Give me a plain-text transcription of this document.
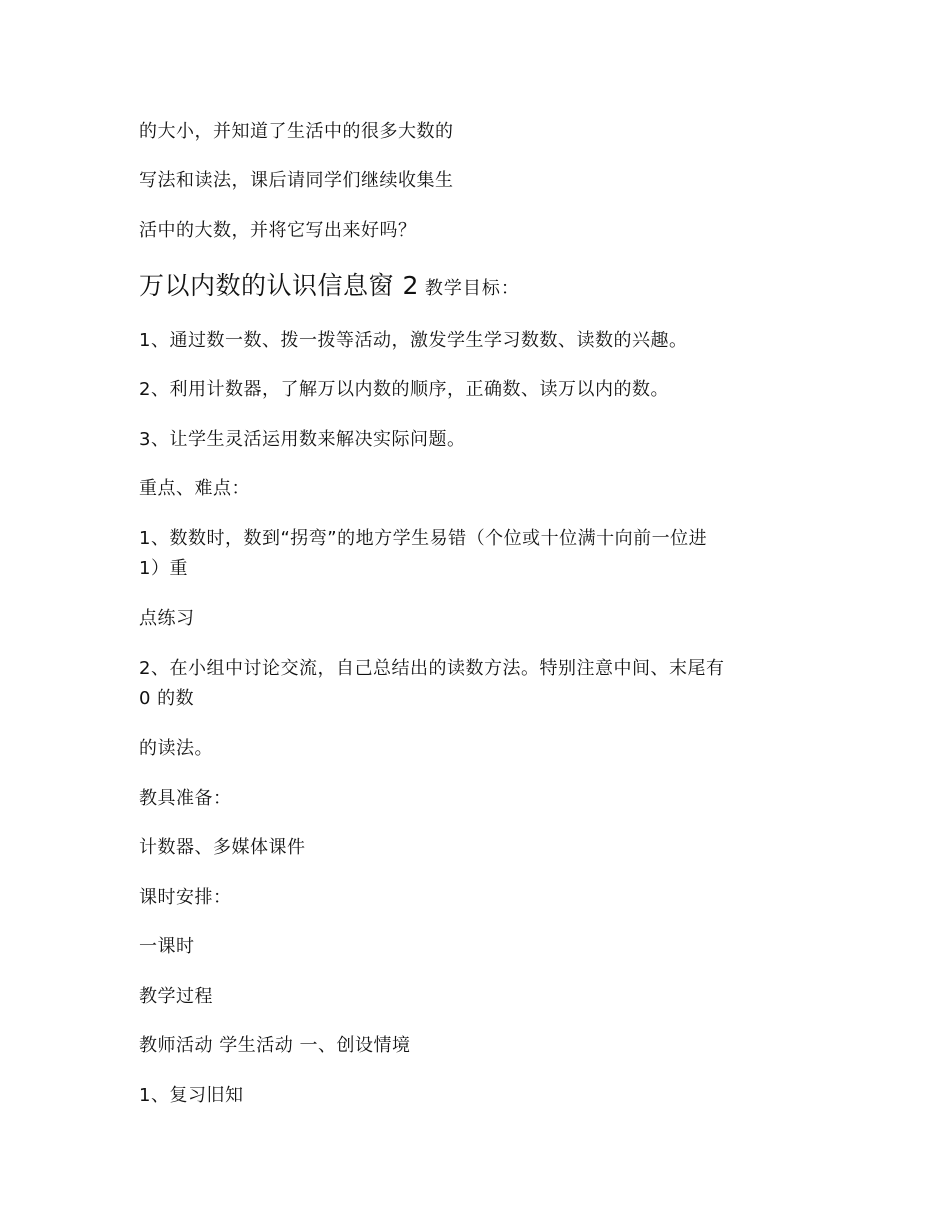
的大小，并知道了生活中的很多大数的
写法和读法，课后请同学们继续收集生
活中的大数，并将它写出来好吗？
万以内数的认识信息窗 2 教学目标：
1、通过数一数、拨一拨等活动，激发学生学习数数、读数的兴趣。
2、利用计数器，了解万以内数的顺序，正确数、读万以内的数。
3、让学生灵活运用数来解决实际问题。
重点、难点：
1、数数时，数到“拐弯”的地方学生易错（个位或十位满十向前一位进
1）重
点练习
2、在小组中讨论交流，自己总结出的读数方法。特别注意中间、末尾有
0 的数
的读法。
教具准备：
计数器、多媒体课件
课时安排：
一课时
教学过程
教师活动 学生活动 一、创设情境
1、复习旧知
